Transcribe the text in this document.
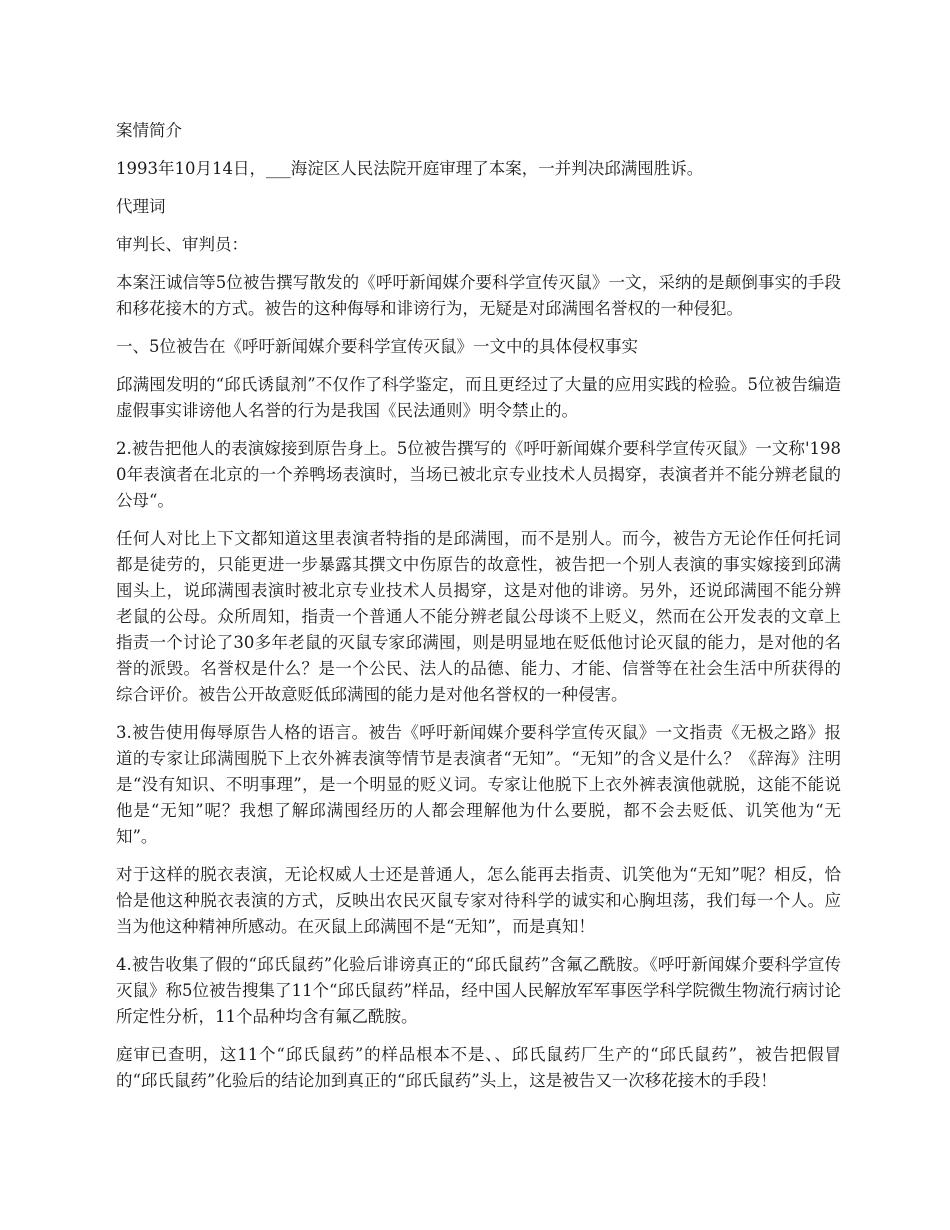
案情简介

1993年10月14日，___海淀区人民法院开庭审理了本案，一并判决邱满囤胜诉。

代理词

审判长、审判员：

本案汪诚信等5位被告撰写散发的《呼吁新闻媒介要科学宣传灭鼠》一文，采纳的是颠倒事实的手段和移花接木的方式。被告的这种侮辱和诽谤行为，无疑是对邱满囤名誉权的一种侵犯。

一、5位被告在《呼吁新闻媒介要科学宣传灭鼠》一文中的具体侵权事实

邱满囤发明的“邱氏诱鼠剂”不仅作了科学鉴定，而且更经过了大量的应用实践的检验。5位被告编造虚假事实诽谤他人名誉的行为是我国《民法通则》明令禁止的。

2.被告把他人的表演嫁接到原告身上。5位被告撰写的《呼吁新闻媒介要科学宣传灭鼠》一文称'1980年表演者在北京的一个养鸭场表演时，当场已被北京专业技术人员揭穿，表演者并不能分辨老鼠的公母“。

任何人对比上下文都知道这里表演者特指的是邱满囤，而不是别人。而今，被告方无论作任何托词都是徒劳的，只能更进一步暴露其撰文中伤原告的故意性，被告把一个别人表演的事实嫁接到邱满囤头上，说邱满囤表演时被北京专业技术人员揭穿，这是对他的诽谤。另外，还说邱满囤不能分辨老鼠的公母。众所周知，指责一个普通人不能分辨老鼠公母谈不上贬义，然而在公开发表的文章上指责一个讨论了30多年老鼠的灭鼠专家邱满囤，则是明显地在贬低他讨论灭鼠的能力，是对他的名誉的派毁。名誉权是什么？是一个公民、法人的品德、能力、才能、信誉等在社会生活中所获得的综合评价。被告公开故意贬低邱满囤的能力是对他名誉权的一种侵害。

3.被告使用侮辱原告人格的语言。被告《呼吁新闻媒介要科学宣传灭鼠》一文指责《无极之路》报道的专家让邱满囤脱下上衣外裤表演等情节是表演者“无知”。“无知”的含义是什么？《辞海》注明是“没有知识、不明事理”，是一个明显的贬义词。专家让他脱下上衣外裤表演他就脱，这能不能说他是“无知”呢？我想了解邱满囤经历的人都会理解他为什么要脱，都不会去贬低、讥笑他为“无知”。

对于这样的脱衣表演，无论权威人士还是普通人，怎么能再去指责、讥笑他为“无知”呢？相反，恰恰是他这种脱衣表演的方式，反映出农民灭鼠专家对待科学的诚实和心胸坦荡，我们每一个人。应当为他这种精神所感动。在灭鼠上邱满囤不是“无知”，而是真知！

4.被告收集了假的“邱氏鼠药”化验后诽谤真正的“邱氏鼠药”含氟乙酰胺。《呼吁新闻媒介要科学宣传灭鼠》称5位被告搜集了11个“邱氏鼠药”样品，经中国人民解放军军事医学科学院微生物流行病讨论所定性分析，11个品种均含有氟乙酰胺。

庭审已查明，这11个“邱氏鼠药”的样品根本不是、、邱氏鼠药厂生产的“邱氏鼠药”，被告把假冒的“邱氏鼠药”化验后的结论加到真正的“邱氏鼠药”头上，这是被告又一次移花接木的手段！
